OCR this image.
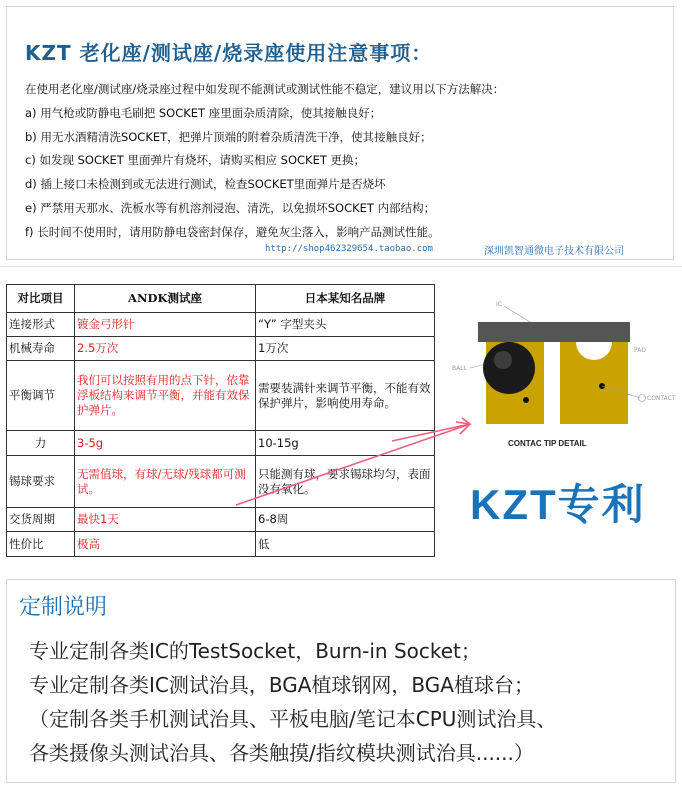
KZT 老化座/测试座/烧录座使用注意事项：
在使用老化座/测试座/烧录座过程中如发现不能测试或测试性能不稳定，建议用以下方法解决：
a) 用气枪或防静电毛刷把 SOCKET 座里面杂质清除，使其接触良好；
b) 用无水酒精清洗SOCKET，把弹片顶端的附着杂质清洗干净，使其接触良好；
c) 如发现 SOCKET 里面弹片有烧坏，请购买相应 SOCKET 更换；
d) 插上接口未检测到或无法进行测试，检查SOCKET里面弹片是否烧坏
e) 严禁用天那水、洗板水等有机溶剂浸泡、清洗，以免损坏SOCKET 内部结构；
f) 长时间不使用时，请用防静电袋密封保存，避免灰尘落入，影响产品测试性能。
http://shop462329654.taobao.com	深圳凯智通微电子技术有限公司
对比项目	ANDK测试座	日本某知名品牌
连接形式	镀金弓形针	“Y” 字型夹头
机械寿命	2.5万次	1万次
平衡调节	我们可以按照有用的点下针，依靠浮板结构来调节平衡，并能有效保护弹片。	需要装满针来调节平衡，不能有效保护弹片，影响使用寿命。
力	3-5g	10-15g
锡球要求	无需值球，有球/无球/残球都可测试。	只能测有球，要求锡球均匀，表面没有氧化。
交货周期	最快1天	6-8周
性价比	极高	低
IC
PAD
BALL
CONTACT
CONTAC TIP DETAIL
KZT专利
定制说明
专业定制各类IC的TestSocket，Burn-in Socket；
专业定制各类IC测试治具，BGA植球钢网，BGA植球台；
（定制各类手机测试治具、平板电脑/笔记本CPU测试治具、
各类摄像头测试治具、各类触摸/指纹模块测试治具......）
